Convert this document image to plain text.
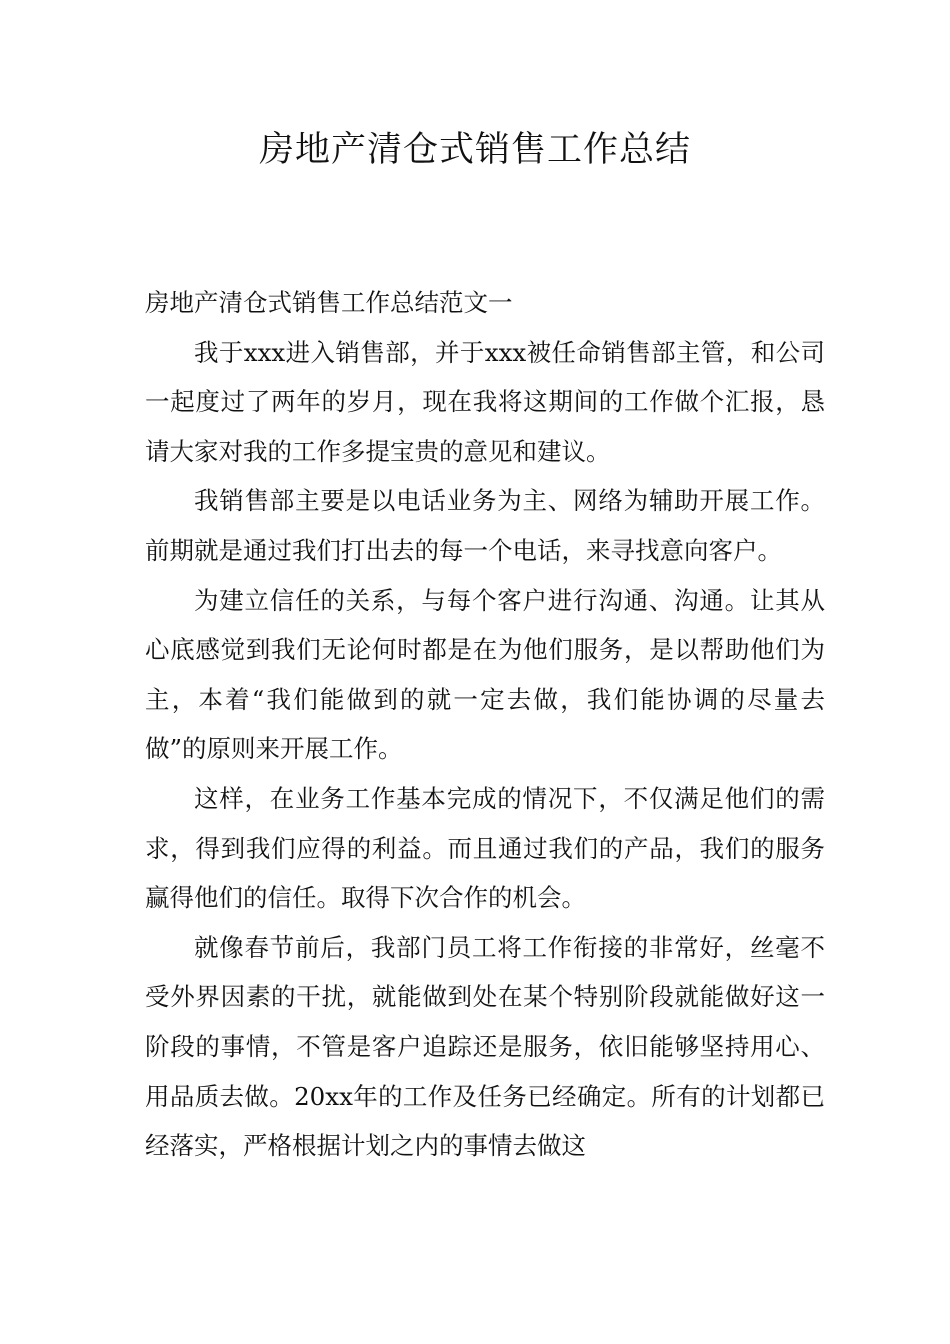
房地产清仓式销售工作总结

房地产清仓式销售工作总结范文一

我于xxx进入销售部，并于xxx被任命销售部主管，和公司一起度过了两年的岁月，现在我将这期间的工作做个汇报，恳请大家对我的工作多提宝贵的意见和建议。

我销售部主要是以电话业务为主、网络为辅助开展工作。前期就是通过我们打出去的每一个电话，来寻找意向客户。

为建立信任的关系，与每个客户进行沟通、沟通。让其从心底感觉到我们无论何时都是在为他们服务，是以帮助他们为主，本着“我们能做到的就一定去做，我们能协调的尽量去做”的原则来开展工作。

这样，在业务工作基本完成的情况下，不仅满足他们的需求，得到我们应得的利益。而且通过我们的产品，我们的服务赢得他们的信任。取得下次合作的机会。

就像春节前后，我部门员工将工作衔接的非常好，丝毫不受外界因素的干扰，就能做到处在某个特别阶段就能做好这一阶段的事情，不管是客户追踪还是服务，依旧能够坚持用心、用品质去做。20xx年的工作及任务已经确定。所有的计划都已经落实，严格根据计划之内的事情去做这
